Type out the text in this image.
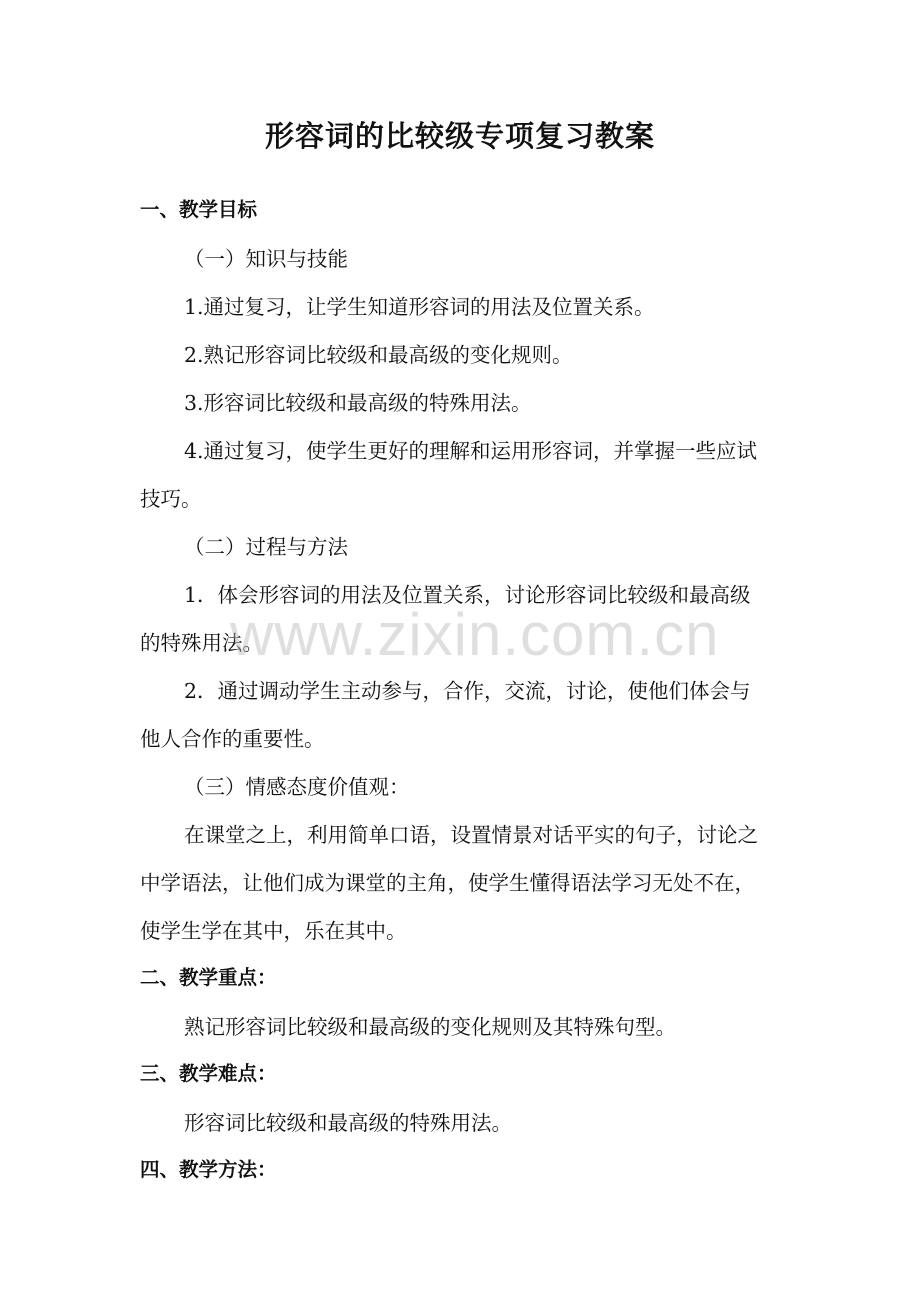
形容词的比较级专项复习教案
一、教学目标
（一）知识与技能
1.通过复习，让学生知道形容词的用法及位置关系。
2.熟记形容词比较级和最高级的变化规则。
3.形容词比较级和最高级的特殊用法。
4.通过复习，使学生更好的理解和运用形容词，并掌握一些应试
技巧。
（二）过程与方法
1．体会形容词的用法及位置关系，讨论形容词比较级和最高级
的特殊用法。
2．通过调动学生主动参与，合作，交流，讨论，使他们体会与
他人合作的重要性。
（三）情感态度价值观：
在课堂之上，利用简单口语，设置情景对话平实的句子，讨论之
中学语法，让他们成为课堂的主角，使学生懂得语法学习无处不在，
使学生学在其中，乐在其中。
二、教学重点：
熟记形容词比较级和最高级的变化规则及其特殊句型。
三、教学难点：
形容词比较级和最高级的特殊用法。
四、教学方法：
www.zixin.com.cn
